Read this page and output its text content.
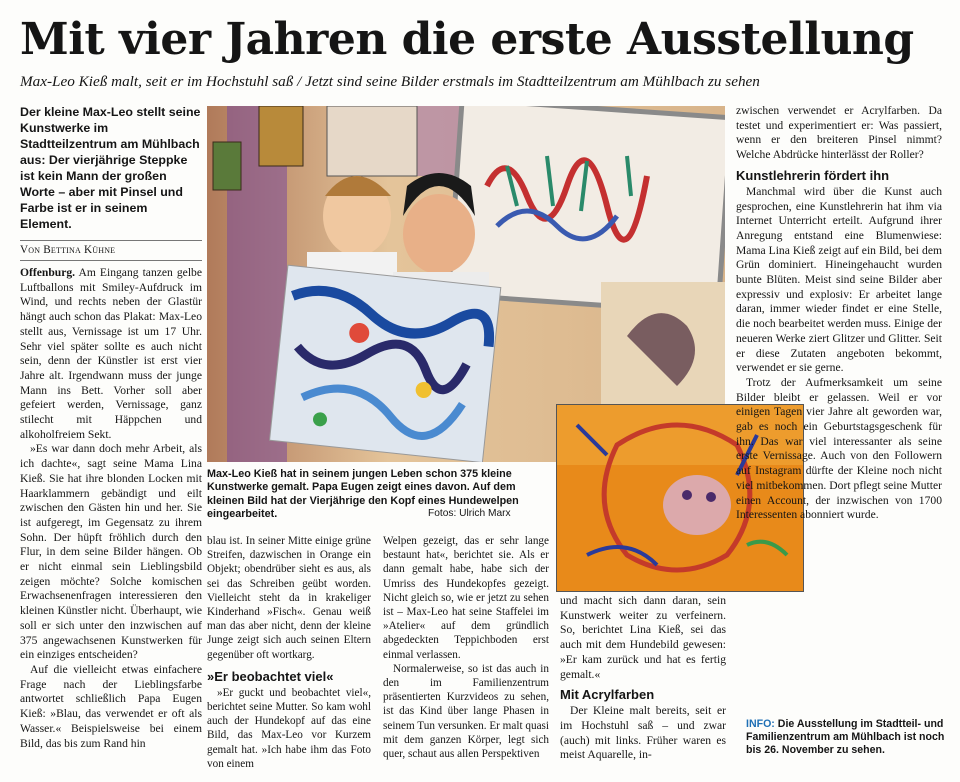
Mit vier Jahren die erste Ausstellung
Max-Leo Kieß malt, seit er im Hochstuhl saß / Jetzt sind seine Bilder erstmals im Stadtteilzentrum am Mühlbach zu sehen
Der kleine Max-Leo stellt seine Kunstwerke im Stadtteilzentrum am Mühlbach aus: Der vierjährige Steppke ist kein Mann der großen Worte – aber mit Pinsel und Farbe ist er in seinem Element.
Von Bettina Kühne

Offenburg. Am Eingang tanzen gelbe Luftballons mit Smiley-Aufdruck im Wind, und rechts neben der Glastür hängt auch schon das Plakat: Max-Leo stellt aus, Vernissage ist um 17 Uhr. Sehr viel später sollte es auch nicht sein, denn der Künstler ist erst vier Jahre alt. Irgendwann muss der junge Mann ins Bett. Vorher soll aber gefeiert werden, Vernissage, ganz stilecht mit Häppchen und alkoholfreiem Sekt.

»Es war dann doch mehr Arbeit, als ich dachte«, sagt seine Mama Lina Kieß. Sie hat ihre blonden Locken mit Haarklammern gebändigt und eilt zwischen den Gästen hin und her. Sie ist aufgeregt, im Gegensatz zu ihrem Sohn. Der hüpft fröhlich durch den Flur, in dem seine Bilder hängen. Ob er nicht einmal sein Lieblingsbild zeigen möchte? Solche komischen Erwachsenenfragen interessieren den kleinen Künstler nicht. Überhaupt, wie soll er sich unter den inzwischen auf 375 angewachsenen Kunstwerken für ein einziges entscheiden?

Auf die vielleicht etwas einfachere Frage nach der Lieblingsfarbe antwortet schließlich Papa Eugen Kieß: »Blau, das verwendet er oft als Wasser.« Beispielsweise bei einem Bild, das bis zum Rand hin

Max-Leo Kieß hat in seinem jungen Leben schon 375 kleine Kunstwerke gemalt. Papa Eugen zeigt eines davon. Auf dem kleinen Bild hat der Vierjährige den Kopf eines Hundewelpen eingearbeitet.	Fotos: Ulrich Marx

blau ist. In seiner Mitte einige grüne Streifen, dazwischen in Orange ein Objekt; obendrüber sieht es aus, als sei das Schreiben geübt worden. Vielleicht steht da in krakeliger Kinderhand »Fisch«. Genau weiß man das aber nicht, denn der kleine Junge zeigt sich auch seinen Eltern gegenüber oft wortkarg.

»Er beobachtet viel«

»Er guckt und beobachtet viel«, berichtet seine Mutter. So kam wohl auch der Hundekopf auf das eine Bild, das Max-Leo vor Kurzem gemalt hat. »Ich habe ihm das Foto von einem

Welpen gezeigt, das er sehr lange bestaunt hat«, berichtet sie. Als er dann gemalt habe, habe sich der Umriss des Hundekopfes gezeigt. Nicht gleich so, wie er jetzt zu sehen ist – Max-Leo hat seine Staffelei im »Atelier« auf dem gründlich abgedeckten Teppichboden erst einmal verlassen.

Normalerweise, so ist das auch in den im Familienzentrum präsentierten Kurzvideos zu sehen, ist das Kind über lange Phasen in seinem Tun versunken. Er malt quasi mit dem ganzen Körper, legt sich quer, schaut aus allen Perspektiven

und macht sich dann daran, sein Kunstwerk weiter zu verfeinern. So, berichtet Lina Kieß, sei das auch mit dem Hundebild gewesen: »Er kam zurück und hat es fertig gemalt.«

Mit Acrylfarben

Der Kleine malt bereits, seit er im Hochstuhl saß – und zwar (auch) mit links. Früher waren es meist Aquarelle, in-

zwischen verwendet er Acrylfarben. Da testet und experimentiert er: Was passiert, wenn er den breiteren Pinsel nimmt? Welche Abdrücke hinterlässt der Roller?

Kunstlehrerin fördert ihn

Manchmal wird über die Kunst auch gesprochen, eine Kunstlehrerin hat ihm via Internet Unterricht erteilt. Aufgrund ihrer Anregung entstand eine Blumenwiese: Mama Lina Kieß zeigt auf ein Bild, bei dem Grün dominiert. Hineingehaucht wurden bunte Blüten. Meist sind seine Bilder aber expressiv und explosiv: Er arbeitet lange daran, immer wieder findet er eine Stelle, die noch bearbeitet werden muss. Einige der neueren Werke ziert Glitzer und Glitter. Seit er diese Zutaten angeboten bekommt, verwendet er sie gerne.

Trotz der Aufmerksamkeit um seine Bilder bleibt er gelassen. Weil er vor einigen Tagen vier Jahre alt geworden war, gab es noch ein Geburtstagsgeschenk für ihn. Das war viel interessanter als seine erste Vernissage. Auch von den Followern auf Instagram dürfte der Kleine noch nicht viel mitbekommen. Dort pflegt seine Mutter einen Account, der inzwischen von 1700 Interessenten abonniert wurde.

INFO: Die Ausstellung im Stadtteil- und Familienzentrum am Mühlbach ist noch bis 26. November zu sehen.
